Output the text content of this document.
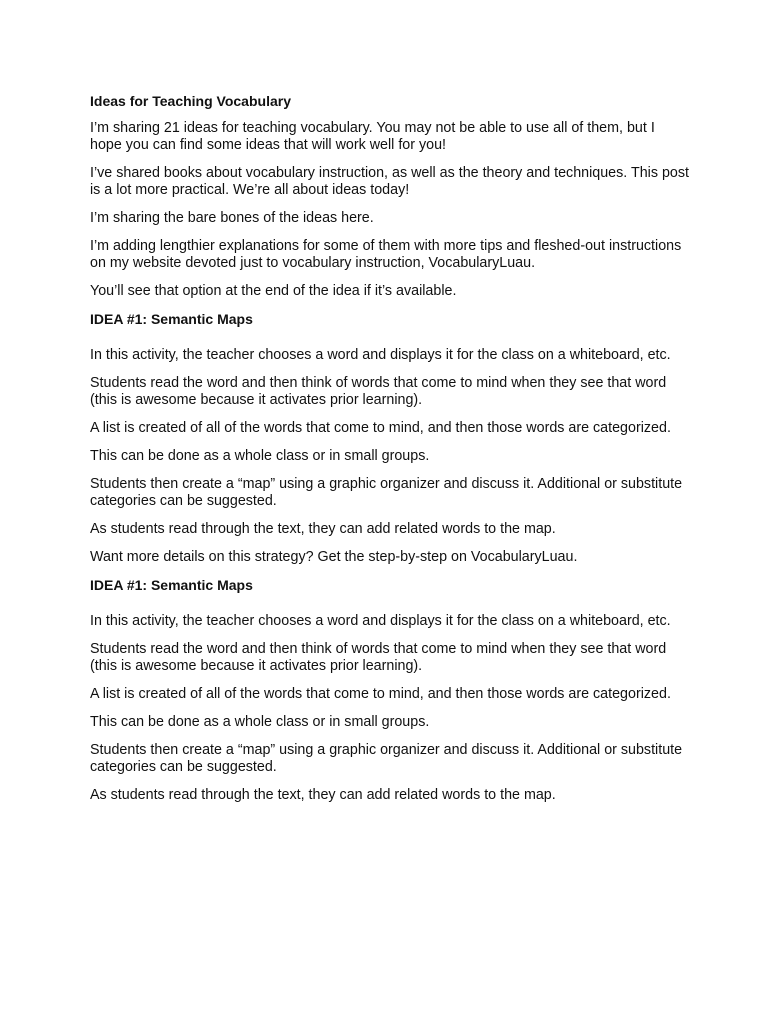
Ideas for Teaching Vocabulary

I’m sharing 21 ideas for teaching vocabulary. You may not be able to use all of them, but I hope you can find some ideas that will work well for you!

I’ve shared books about vocabulary instruction, as well as the theory and techniques. This post is a lot more practical. We’re all about ideas today!

I’m sharing the bare bones of the ideas here.

I’m adding lengthier explanations for some of them with more tips and fleshed-out instructions on my website devoted just to vocabulary instruction, VocabularyLuau.

You’ll see that option at the end of the idea if it’s available.

IDEA #1: Semantic Maps

In this activity, the teacher chooses a word and displays it for the class on a whiteboard, etc.

Students read the word and then think of words that come to mind when they see that word (this is awesome because it activates prior learning).

A list is created of all of the words that come to mind, and then those words are categorized.

This can be done as a whole class or in small groups.

Students then create a “map” using a graphic organizer and discuss it. Additional or substitute categories can be suggested.

As students read through the text, they can add related words to the map.

Want more details on this strategy? Get the step-by-step on VocabularyLuau.

IDEA #1: Semantic Maps

In this activity, the teacher chooses a word and displays it for the class on a whiteboard, etc.

Students read the word and then think of words that come to mind when they see that word (this is awesome because it activates prior learning).

A list is created of all of the words that come to mind, and then those words are categorized.

This can be done as a whole class or in small groups.

Students then create a “map” using a graphic organizer and discuss it. Additional or substitute categories can be suggested.

As students read through the text, they can add related words to the map.
